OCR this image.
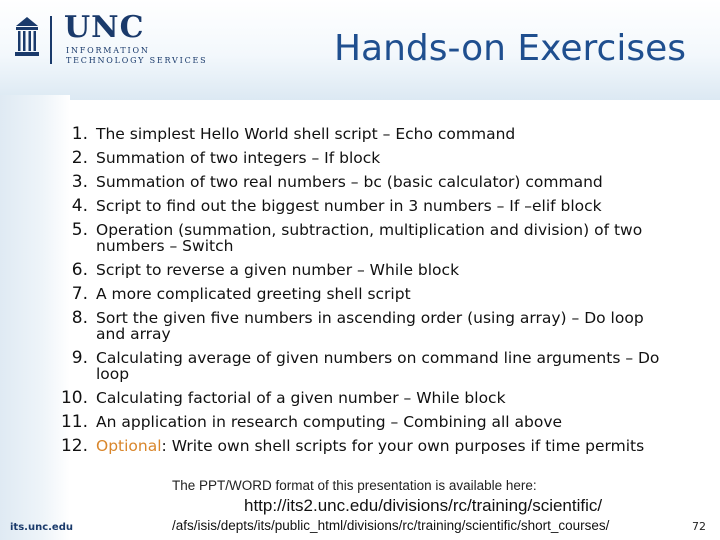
UNC
INFORMATION
TECHNOLOGY SERVICES	Hands-on Exercises
1. The simplest Hello World shell script – Echo command
2. Summation of two integers – If block
3. Summation of two real numbers – bc (basic calculator) command
4. Script to find out the biggest number in 3 numbers – If –elif block
5. Operation (summation, subtraction, multiplication and division) of two numbers – Switch
6. Script to reverse a given number – While block
7. A more complicated greeting shell script
8. Sort the given five numbers in ascending order (using array) – Do loop and array
9. Calculating average of given numbers on command line arguments – Do loop
10. Calculating factorial of a given number – While block
11. An application in research computing – Combining all above
12. Optional: Write own shell scripts for your own purposes if time permits
The PPT/WORD format of this presentation is available here:
http://its2.unc.edu/divisions/rc/training/scientific/
/afs/isis/depts/its/public_html/divisions/rc/training/scientific/short_courses/
its.unc.edu	72
